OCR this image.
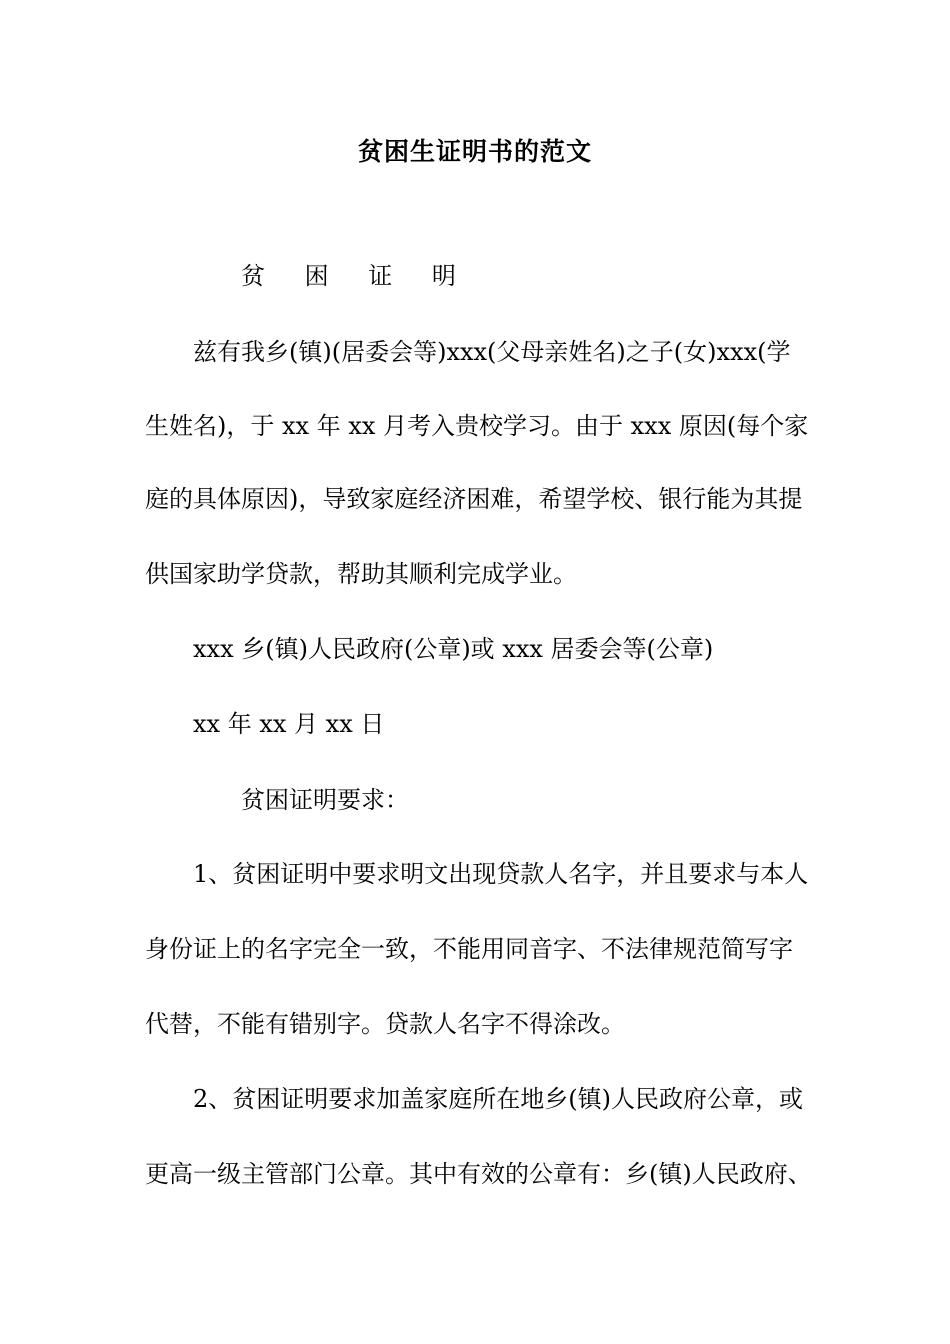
贫困生证明书的范文
贫 困 证 明
兹有我乡(镇)(居委会等)xxx(父母亲姓名)之子(女)xxx(学
生姓名)，于 xx 年 xx 月考入贵校学习。由于 xxx 原因(每个家
庭的具体原因)，导致家庭经济困难，希望学校、银行能为其提
供国家助学贷款，帮助其顺利完成学业。
xxx 乡(镇)人民政府(公章)或 xxx 居委会等(公章)
xx 年 xx 月 xx 日
贫困证明要求：
1、贫困证明中要求明文出现贷款人名字，并且要求与本人
身份证上的名字完全一致，不能用同音字、不法律规范简写字
代替，不能有错别字。贷款人名字不得涂改。
2、贫困证明要求加盖家庭所在地乡(镇)人民政府公章，或
更高一级主管部门公章。其中有效的公章有：乡(镇)人民政府、
